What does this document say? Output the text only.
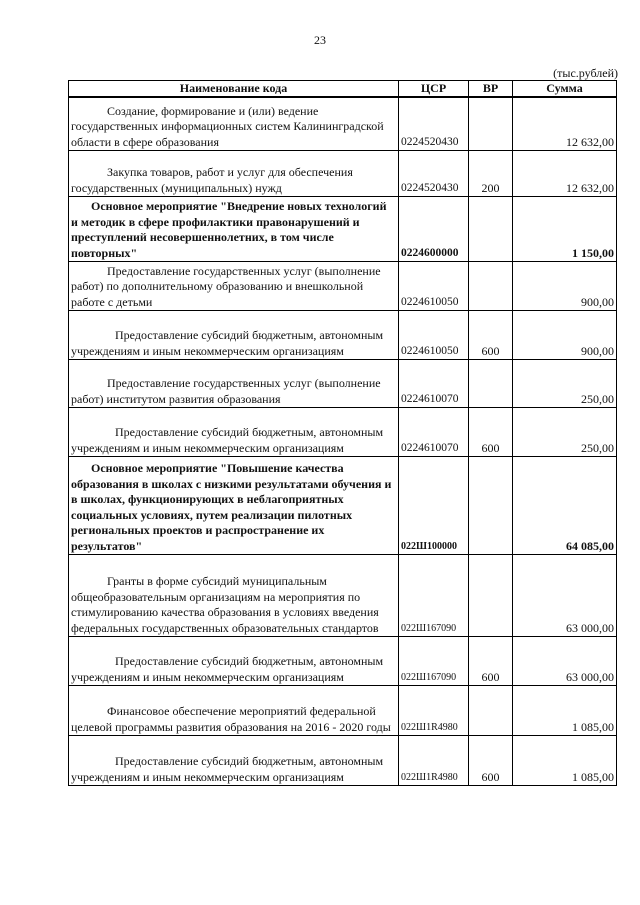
23
(тыс.рублей)
Наименование кода	ЦСР	ВР	Сумма

Создание, формирование и (или) ведение государственных информационных систем Калининградской области в сфере образования	0224520430		12 632,00

Закупка товаров, работ и услуг для обеспечения государственных (муниципальных) нужд	0224520430	200	12 632,00

Основное мероприятие "Внедрение новых технологий и методик в сфере профилактики правонарушений и преступлений несовершеннолетних, в том числе повторных"	0224600000		1 150,00

Предоставление государственных услуг (выполнение работ) по дополнительному образованию и внешкольной работе с детьми	0224610050		900,00

Предоставление субсидий бюджетным, автономным учреждениям и иным некоммерческим организациям	0224610050	600	900,00

Предоставление государственных услуг (выполнение работ) институтом развития образования	0224610070		250,00

Предоставление субсидий бюджетным, автономным учреждениям и иным некоммерческим организациям	0224610070	600	250,00

Основное мероприятие "Повышение качества образования в школах с низкими результатами обучения и в школах, функционирующих в неблагоприятных социальных условиях, путем реализации пилотных региональных проектов и распространение их результатов"	022Ш100000		64 085,00

Гранты в форме субсидий муниципальным общеобразовательным организациям на мероприятия по стимулированию качества образования в условиях введения федеральных государственных образовательных стандартов	022Ш167090		63 000,00

Предоставление субсидий бюджетным, автономным учреждениям и иным некоммерческим организациям	022Ш167090	600	63 000,00

Финансовое обеспечение мероприятий федеральной целевой программы развития образования на 2016 - 2020 годы	022Ш1R4980		1 085,00

Предоставление субсидий бюджетным, автономным учреждениям и иным некоммерческим организациям	022Ш1R4980	600	1 085,00
